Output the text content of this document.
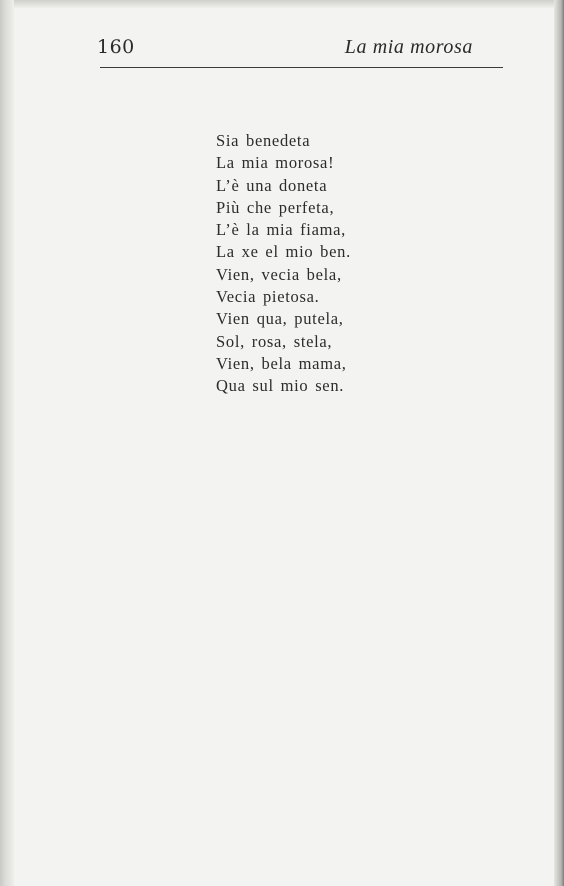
160	La mia morosa
Sia benedeta
La mia morosa!
L’è una doneta
Più che perfeta,
L’è la mia fiama,
La xe el mio ben.
Vien, vecia bela,
Vecia pietosa.
Vien qua, putela,
Sol, rosa, stela,
Vien, bela mama,
Qua sul mio sen.
